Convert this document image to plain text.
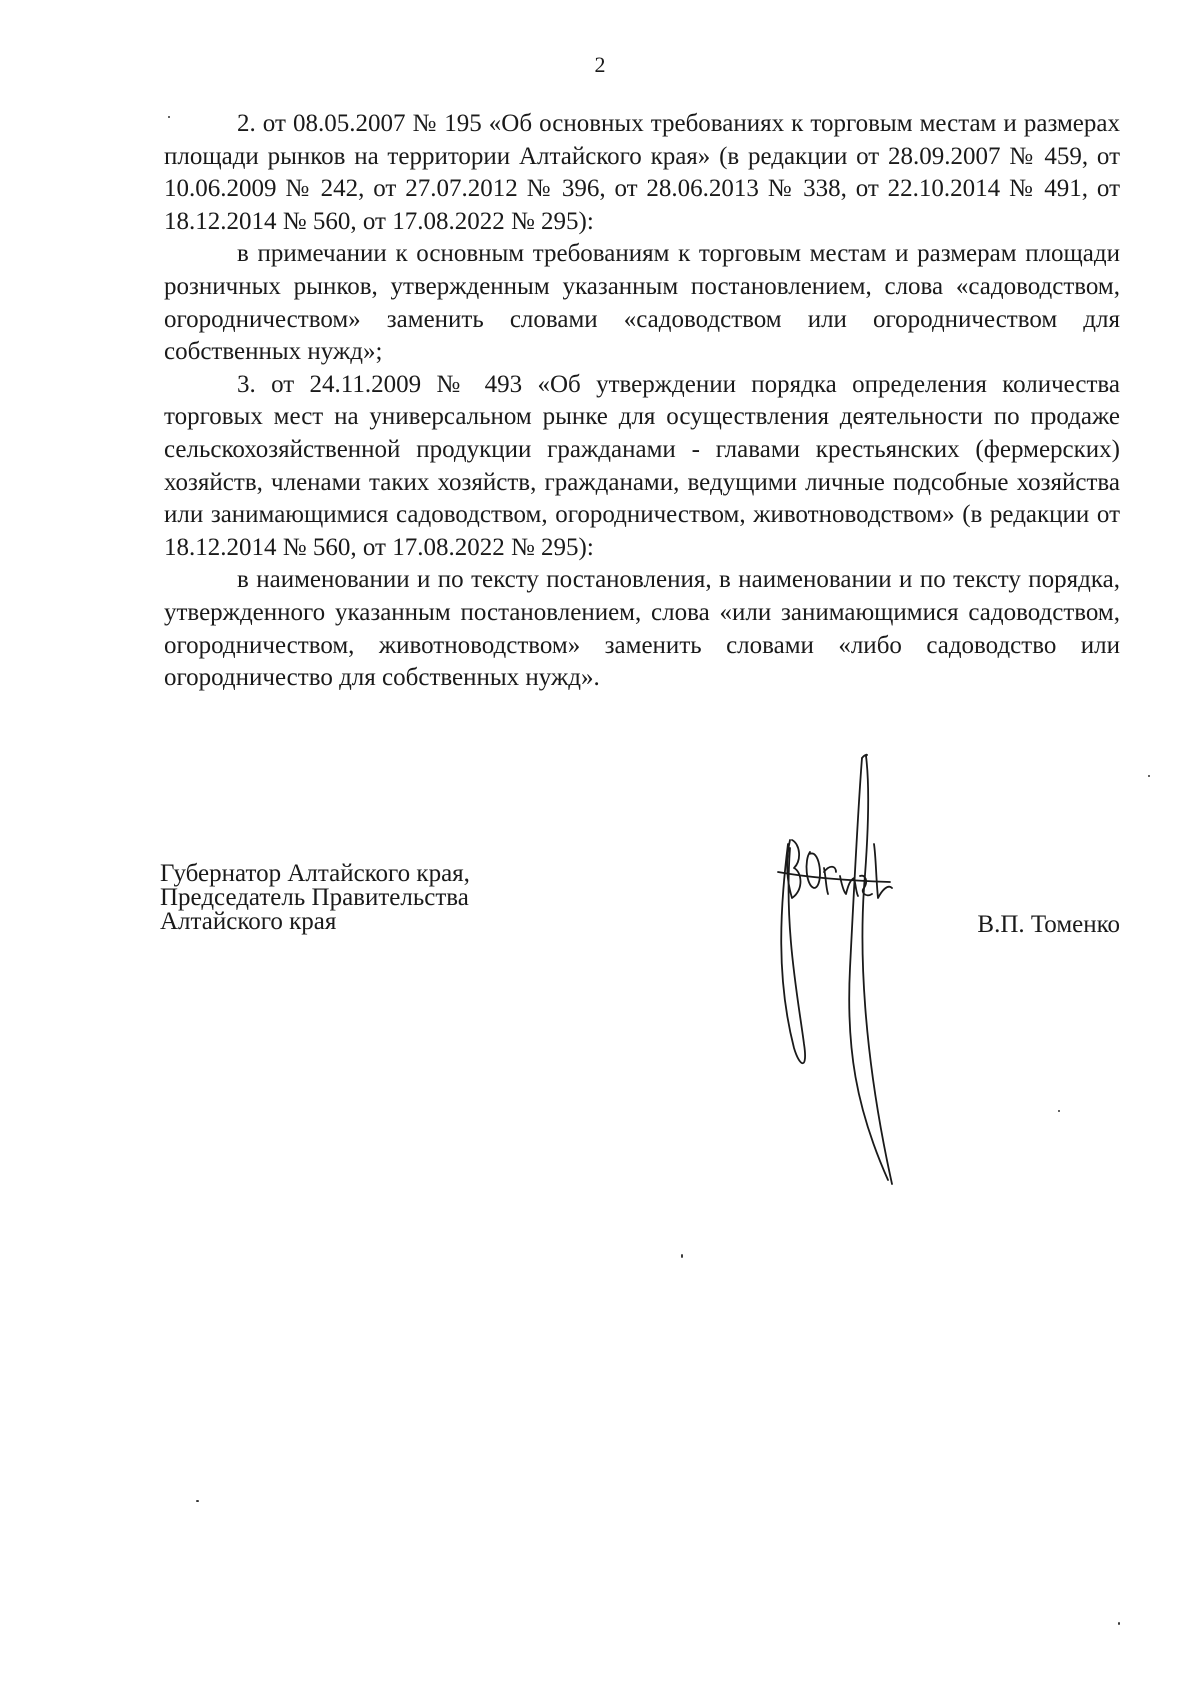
2

2. от 08.05.2007 № 195 «Об основных требованиях к торговым местам и размерах площади рынков на территории Алтайского края» (в редакции от 28.09.2007 № 459, от 10.06.2009 № 242, от 27.07.2012 № 396, от 28.06.2013 № 338, от 22.10.2014 № 491, от 18.12.2014 № 560, от 17.08.2022 № 295):

в примечании к основным требованиям к торговым местам и размерам площади розничных рынков, утвержденным указанным постановлением, слова «садоводством, огородничеством» заменить словами «садоводством или огородничеством для собственных нужд»;

3. от 24.11.2009 № 493 «Об утверждении порядка определения количества торговых мест на универсальном рынке для осуществления деятельности по продаже сельскохозяйственной продукции гражданами - главами крестьянских (фермерских) хозяйств, членами таких хозяйств, гражданами, ведущими личные подсобные хозяйства или занимающимися садоводством, огородничеством, животноводством» (в редакции от 18.12.2014 № 560, от 17.08.2022 № 295):

в наименовании и по тексту постановления, в наименовании и по тексту порядка, утвержденного указанным постановлением, слова «или занимающимися садоводством, огородничеством, животноводством» заменить словами «либо садоводство или огородничество для собственных нужд».

Губернатор Алтайского края,
Председатель Правительства
Алтайского края	В.П. Томенко
